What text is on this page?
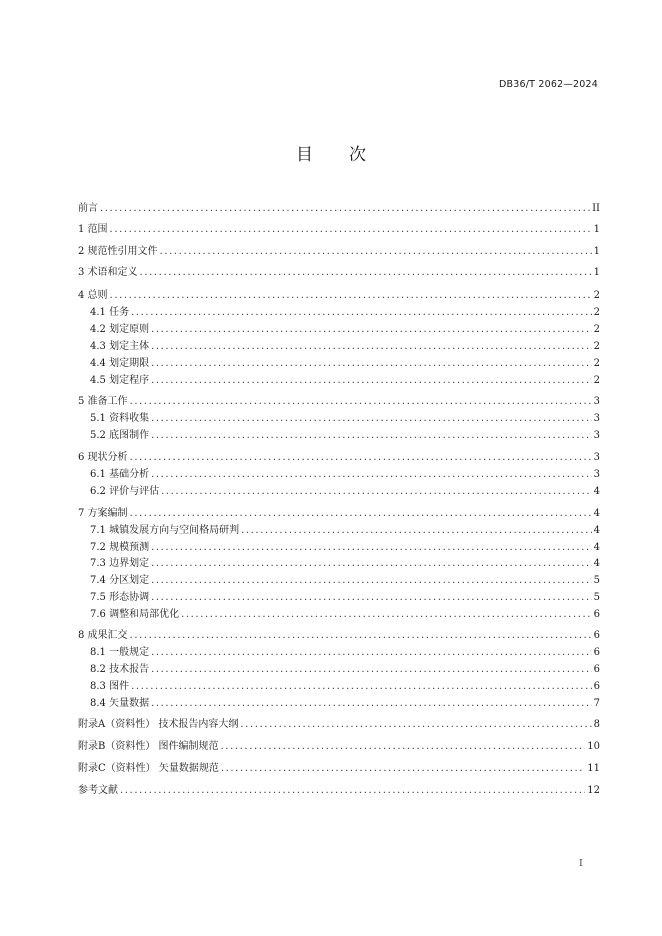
DB36/T 2062—2024
目 次
前言 .....	II
1 范围 .....	1
2 规范性引用文件 .....	1
3 术语和定义 .....	1
4 总则 .....	2
4.1 任务 .....	2
4.2 划定原则 .....	2
4.3 划定主体 .....	2
4.4 划定期限 .....	2
4.5 划定程序 .....	2
5 准备工作 .....	3
5.1 资料收集 .....	3
5.2 底图制作 .....	3
6 现状分析 .....	3
6.1 基础分析 .....	3
6.2 评价与评估 .....	4
7 方案编制 .....	4
7.1 城镇发展方向与空间格局研判 .....	4
7.2 规模预测 .....	4
7.3 边界划定 .....	4
7.4 分区划定 .....	5
7.5 形态协调 .....	5
7.6 调整和局部优化 .....	6
8 成果汇交 .....	6
8.1 一般规定 .....	6
8.2 技术报告 .....	6
8.3 图件 .....	6
8.4 矢量数据 .....	7
附录A（资料性） 技术报告内容大纲 .....	8
附录B（资料性） 图件编制规范 .....	10
附录C（资料性） 矢量数据规范 .....	11
参考文献 .....	12
I
